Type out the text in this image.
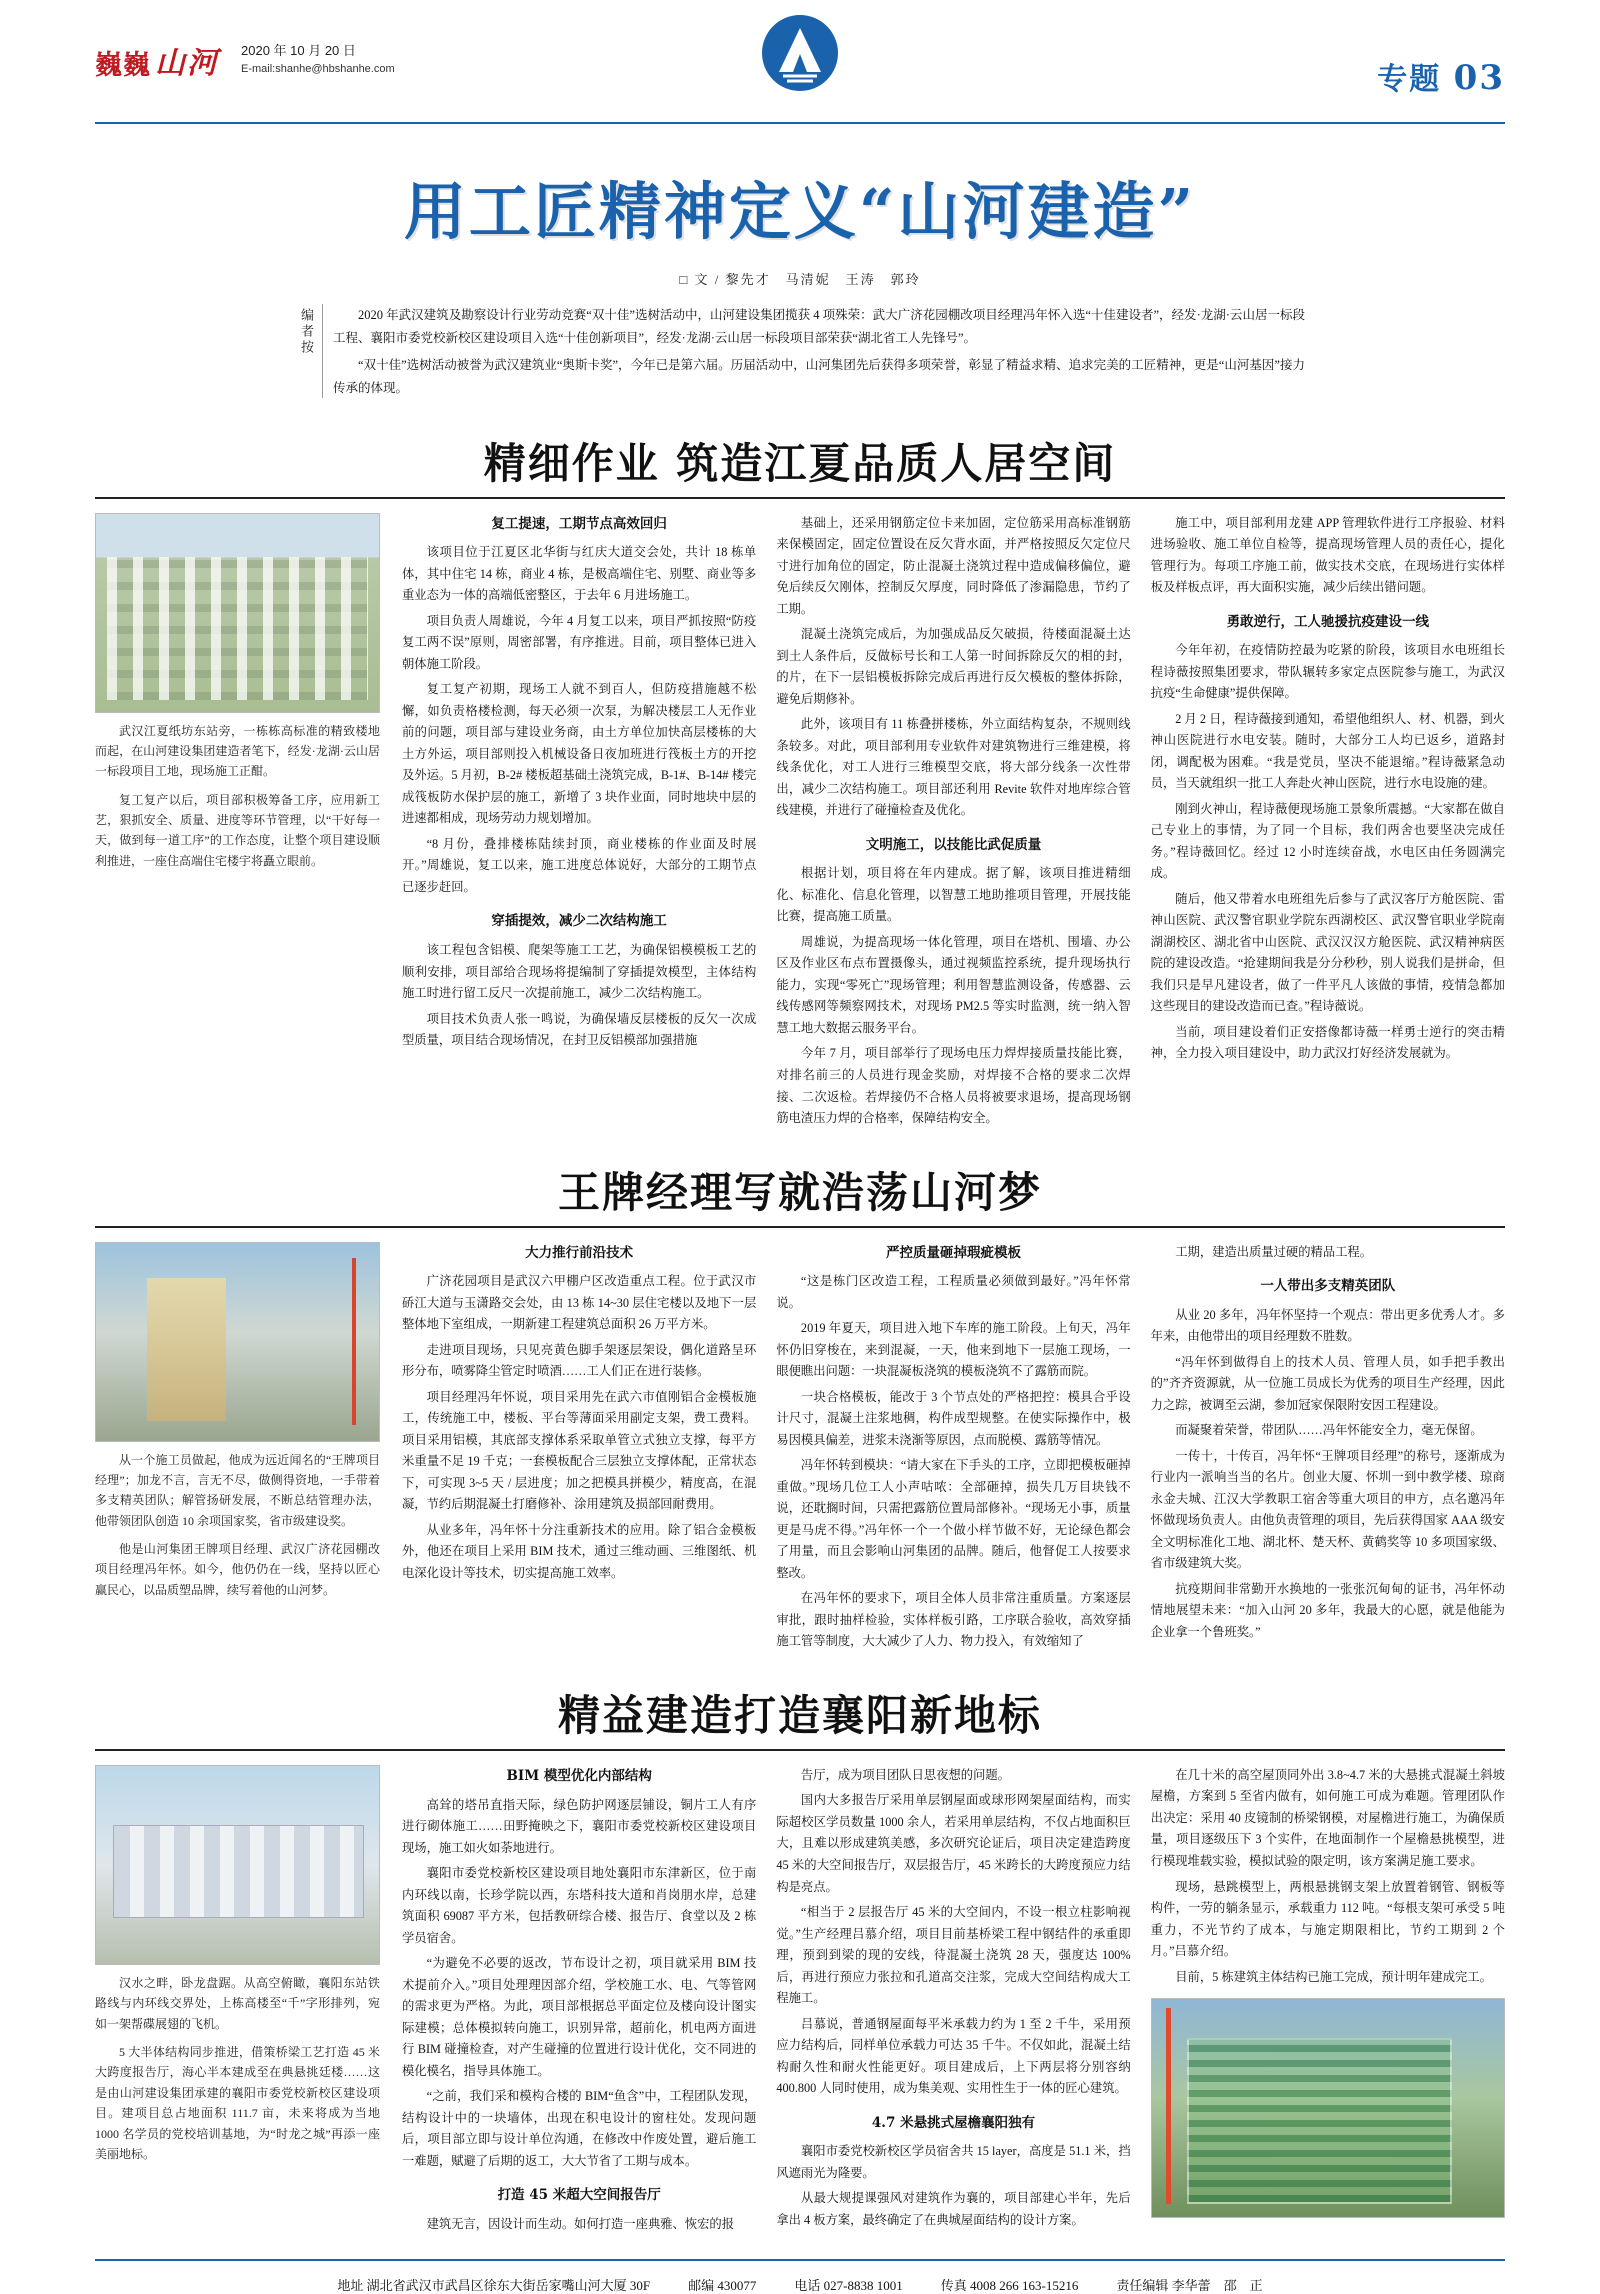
巍巍 山河 2020 年 10 月 20 日
E-mail:shanhe@hbshanhe.com	专题 03
用工匠精神定义“山河建造”
□ 文 / 黎先才　马清妮　王涛　郭玲
编者按	2020 年武汉建筑及勘察设计行业劳动竞赛“双十佳”选树活动中，山河建设集团揽获 4 项殊荣：武大广济花园棚改项目经理冯年怀入选“十佳建设者”，经发·龙湖·云山居一标段工程、襄阳市委党校新校区建设项目入选“十佳创新项目”，经发·龙湖·云山居一标段项目部荣获“湖北省工人先锋号”。

“双十佳”选树活动被誉为武汉建筑业“奥斯卡奖”，今年已是第六届。历届活动中，山河集团先后获得多项荣誉，彰显了精益求精、追求完美的工匠精神，更是“山河基因”接力传承的体现。

精细作业 筑造江夏品质人居空间
武汉江夏纸坊东站旁，一栋栋高标准的精致楼地而起，在山河建设集团建造者笔下，经发·龙湖·云山居一标段项目工地，现场施工正酣。
复工复产以后，项目部积极筹备工序，应用新工艺，狠抓安全、质量、进度等环节管理，以“干好每一天，做到每一道工序”的工作态度，让整个项目建设顺利推进，一座住高端住宅楼宇将矗立眼前。
复工提速，工期节点高效回归

该项目位于江夏区北华街与红庆大道交会处，共计 18 栋单体，其中住宅 14 栋，商业 4 栋，是极高端住宅、别墅、商业等多重业态为一体的高端低密整区，于去年 6 月进场施工。

项目负责人周雄说，今年 4 月复工以来，项目严抓按照“防疫复工两不误”原则，周密部署，有序推进。目前，项目整体已进入朝体施工阶段。

复工复产初期，现场工人就不到百人，但防疫措施越不松懈，如负责格楼检测，每天必须一次泵，为解决楼层工人无作业前的问题，项目部与建设业务商，由土方单位加快高层楼栋的大土方外运，项目部则投入机械设备日夜加班进行筏板土方的开挖及外运。5 月初，B-2# 楼板超基础土浇筑完成，B-1#、B-14# 楼完成筏板防水保护层的施工，新增了 3 块作业面，同时地块中层的进速都相成，现场劳动力规划增加。

“8 月份，叠排楼栋陆续封顶，商业楼栋的作业面及时展开。”周雄说，复工以来，施工进度总体说好，大部分的工期节点已逐步赶回。

穿插提效，减少二次结构施工

该工程包含铝模、爬架等施工工艺，为确保铝模模板工艺的顺利安排，项目部给合现场将提编制了穿插提效模型，主体结构施工时进行留工反尺一次提前施工，减少二次结构施工。

项目技术负责人张一鸣说，为确保墙反层楼板的反欠一次成型质量，项目结合现场情况，在封卫反铝模部加强措施

基础上，还采用钢筋定位卡来加固，定位筋采用高标准钢筋来保模固定，固定位置设在反欠背水面，并严格按照反欠定位尺寸进行加角位的固定，防止混凝土浇筑过程中造成偏移偏位，避免后续反欠刚体，控制反欠厚度，同时降低了渗漏隐患，节约了工期。

混凝土浇筑完成后，为加强成品反欠破损，待楼面混凝土达到土人条件后，反做标号长和工人第一时间拆除反欠的相的封，的片，在下一层铝模板拆除完成后再进行反欠模板的整体拆除，避免后期修补。

此外，该项目有 11 栋叠拼楼栋，外立面结构复杂，不规则线条较多。对此，项目部利用专业软件对建筑物进行三维建模，将线条优化，对工人进行三维模型交底，将大部分线条一次性带出，减少二次结构施工。项目部还利用 Revite 软件对地库综合管线建模，并进行了碰撞检查及优化。

文明施工，以技能比武促质量

根据计划，项目将在年内建成。据了解，该项目推进精细化、标准化、信息化管理，以智慧工地助推项目管理，开展技能比赛，提高施工质量。

周雄说，为提高现场一体化管理，项目在塔机、围墙、办公区及作业区布点布置摄像头，通过视频监控系统，提升现场执行能力，实现“零死亡”现场管理；利用智慧监测设备，传感器、云线传感网等频察网技术，对现场 PM2.5 等实时监测，统一纳入智慧工地大数据云服务平台。

今年 7 月，项目部举行了现场电压力焊焊接质量技能比赛，对排名前三的人员进行现金奖励，对焊接不合格的要求二次焊接、二次返检。若焊接仍不合格人员将被要求退场，提高现场钢筋电渣压力焊的合格率，保障结构安全。

施工中，项目部利用龙建 APP 管理软件进行工序报验、材料进场验收、施工单位自检等，提高现场管理人员的责任心，提化管理行为。每项工序施工前，做实技术交底，在现场进行实体样板及样板点评，再大面积实施，减少后续出错问题。

勇敢逆行，工人驰援抗疫建设一线

今年年初，在疫情防控最为吃紧的阶段，该项目水电班组长程诗薇按照集团要求，带队辗转多家定点医院参与施工，为武汉抗疫“生命健康”提供保障。

2 月 2 日，程诗薇接到通知，希望他组织人、材、机器，到火神山医院进行水电安装。随时，大部分工人均已返乡，道路封闭，调配极为困难。“我是党员，坚决不能退缩。”程诗薇紧急动员，当天就组织一批工人奔赴火神山医院，进行水电设施的建。

刚到火神山，程诗薇便现场施工景象所震撼。“大家都在做自己专业上的事情，为了同一个目标，我们两舍也要坚决完成任务。”程诗薇回忆。经过 12 小时连续奋战，水电区由任务圆满完成。

随后，他又带着水电班组先后参与了武汉客厅方舱医院、雷神山医院、武汉警官职业学院东西湖校区、武汉警官职业学院南湖湖校区、湖北省中山医院、武汉汉汉方舱医院、武汉精神病医院的建设改造。“抢建期间我是分分秒秒，别人说我们是拼命，但我们只是早凡建设者，做了一件平凡人该做的事情，疫情急都加这些现目的建设改造而已查。”程诗薇说。

当前，项目建设着们正安搭像都诗薇一样勇士逆行的突击精神，全力投入项目建设中，助力武汉打好经济发展就为。

王牌经理写就浩荡山河梦
从一个施工员做起，他成为远近闻名的“王牌项目经理”；加龙不言，言无不尽，做侧得资地，一手带着多支精英团队；解管扬研发展，不断总结管理办法，他带领团队创造 10 余项国家奖，省市级建设奖。
他是山河集团王牌项目经理、武汉广济花园棚改项目经理冯年怀。如今，他仍仍在一线，坚持以匠心赢民心，以品质塑品牌，续写着他的山河梦。
大力推行前沿技术

广济花园项目是武汉六甲棚户区改造重点工程。位于武汉市硚江大道与玉潇路交会处，由 13 栋 14~30 层住宅楼以及地下一层整体地下室组成，一期新建工程建筑总面积 26 万平方米。

走进项目现场，只见亮黄色脚手架逐层架设，偶化道路呈环形分布，喷雾降尘管定时喷酒……工人们正在进行装修。

项目经理冯年怀说，项目采用先在武六市值刚铝合金模板施工，传统施工中，楼板、平台等薄面采用副定支架，费工费料。项目采用铝模，其底部支撑体系采取单管立式独立支撑，每平方米重量不足 19 千克；一套模板配合三层独立支撑体配，正常状态下，可实现 3~5 天 / 层进度；加之把模具拼模少，精度高，在混凝，节约后期混凝土打磨修补、涂用建筑及损部回耐费用。

从业多年，冯年怀十分注重新技术的应用。除了铝合金模板外，他还在项目上采用 BIM 技术，通过三维动画、三维图纸、机电深化设计等技术，切实提高施工效率。

严控质量砸掉瑕疵模板

“这是栋门区改造工程，工程质量必须做到最好。”冯年怀常说。

2019 年夏天，项目进入地下车库的施工阶段。上旬天，冯年怀仍旧穿梭在，来到混凝，一天，他来到地下一层施工现场，一眼便瞧出问题：一块混凝板浇筑的模板浇筑不了露筋而院。

一块合格模板，能改于 3 个节点处的严格把控：模具合乎设计尺寸，混凝土注浆地稠，构件成型规整。在使实际操作中，极易因模具偏差，进浆未浇渐等原因，点而脱模、露筋等情况。

冯年怀转到模块：“请大家在下手头的工序，立即把模板砸掉重做。”现场几位工人小声咕哝：全部砸掉，损失几万目块钱不说，还耽搁时间，只需把露筋位置局部修补。“现场无小事，质量更是马虎不得。”冯年怀一个一个做小样节做不好，无论绿色都会了用量，而且会影响山河集团的品牌。随后，他督促工人按要求整改。

在冯年怀的要求下，项目全体人员非常注重质量。方案逐层审批，跟时抽样检验，实体样板引路，工序联合验收，高效穿插施工管等制度，大大减少了人力、物力投入，有效缩知了

工期，建造出质量过硬的精品工程。

一人带出多支精英团队

从业 20 多年，冯年怀坚持一个观点：带出更多优秀人才。多年来，由他带出的项目经理数不胜数。

“冯年怀到做得自上的技术人员、管理人员，如手把手教出的”齐齐资源就，从一位施工员成长为优秀的项目生产经理，因此力之踪，被调至云湖，参加冠家保限附安因工程建设。

而凝聚着荣誉，带团队……冯年怀能安全力，毫无保留。

一传十，十传百，冯年怀“王牌项目经理”的称号，逐渐成为行业内一派响当当的名片。创业大厦、怀圳一到中教学楼、琼商永金夫城、江汉大学教职工宿舍等重大项目的申方，点名邀冯年怀做现场负责人。由他负责管理的项目，先后获得国家 AAA 级安全文明标准化工地、湖北杯、楚天杯、黄鹤奖等 10 多项国家级、省市级建筑大奖。

抗疫期间非常勤开水换地的一张张沉甸甸的证书，冯年怀动情地展望未来：“加入山河 20 多年，我最大的心愿，就是他能为企业拿一个鲁班奖。”

精益建造打造襄阳新地标
汉水之畔，卧龙盘踞。从高空俯瞰，襄阳东站铁路线与内环线交界处，上栋高楼至“千”字形排列，宛如一架帮碟展翅的飞机。
5 大半体结构同步推进，借策桥梁工艺打造 45 米大跨度报告厅，海心半本建成至在典悬挑廷楼……这是由山河建设集团承建的襄阳市委党校新校区建设项目。建项目总占地面积 111.7 亩，未来将成为当地 1000 名学员的党校培训基地，为“时龙之城”再添一座美丽地标。
BIM 模型优化内部结构

高耸的塔吊直指天际，绿色防护网逐层铺设，铜片工人有序进行砌体施工……田野掩映之下，襄阳市委党校新校区建设项目现场，施工如火如荼地进行。

襄阳市委党校新校区建设项目地处襄阳市东津新区，位于南内环线以南，长珍学院以西，东塔科技大道和肖岗朋水岸，总建筑面积 69087 平方米，包括教研综合楼、报告厅、食堂以及 2 栋学员宿舍。

“为避免不必要的返改，节布设计之初，项目就采用 BIM 技术提前介入。”项目处理理因部介绍，学校施工水、电、气等管网的需求更为严格。为此，项目部根据总平面定位及楼向设计图实际建模；总体模拟转向施工，识别异常，超前化，机电两方面进行 BIM 碰撞检查，对产生碰撞的位置进行设计优化，交不同进的模化模名，指导具体施工。

“之前，我们采和模构合楼的 BIM“鱼含”中，工程团队发现，结构设计中的一块墙体，出现在积电设计的窗柱处。发现问题后，项目部立即与设计单位沟通，在修改中作废处置，避后施工一难题，赋避了后期的返工，大大节省了工期与成本。

打造 45 米超大空间报告厅

建筑无言，因设计而生动。如何打造一座典雅、恢宏的报

告厅，成为项目团队日思夜想的问题。

国内大多报告厅采用单层钢屋面或球形网架屋面结构，而实际超校区学员数量 1000 余人，若采用单层结构，不仅占地面积巨大，且难以形成建筑美感，多次研究论证后，项目决定建造跨度 45 米的大空间报告厅，双层报告厅，45 米跨长的大跨度预应力结构是亮点。

“相当于 2 层报告厅 45 米的大空间内，不设一根立柱影响视觉。”生产经理吕慕介绍，项目目前基桥梁工程中钢结件的承重即理，预到到梁的现的安线，待混凝土浇筑 28 天，强度达 100%后，再进行预应力张拉和孔道高交注浆，完成大空间结构成大工程施工。

吕慕说，普通钢屋面每平米承载力约为 1 至 2 千牛，采用预应力结构后，同样单位承载力可达 35 千牛。不仅如此，混凝土结构耐久性和耐火性能更好。项目建成后，上下两层将分别容纳 400.800 人同时使用，成为集美观、实用性生于一体的匠心建筑。

4.7 米悬挑式屋檐襄阳独有

襄阳市委党校新校区学员宿舍共 15 layer，高度是 51.1 米，挡风遮雨光为隆要。

从最大规提课强风对建筑作为襄的，项目部建心半年，先后拿出 4 板方案，最终确定了在典城屋面结构的设计方案。

在几十米的高空屋顶同外出 3.8~4.7 米的大悬挑式混凝土斜坡屋檐，方案到 5 至省内做有，如何施工可成为难题。管理团队作出决定：采用 40 皮镜制的桥梁钢模，对屋檐进行施工，为确保质量，项目逐级压下 3 个实件，在地面制作一个屋檐悬挑模型，进行模现堆载实验，模拟试验的限定明，该方案满足施工要求。

现场，悬跳模型上，两根悬挑钢支架上放置着钢管、钢板等构件，一劳的躺条显示，承载重力 112 吨。“每根支架可承受 5 吨重力，不光节约了成本，与施定期限相比，节约工期到 2 个月。”吕慕介绍。

目前，5 栋建筑主体结构已施工完成，预计明年建成完工。

地址 湖北省武汉市武昌区徐东大街岳家嘴山河大厦 30F	邮编 430077	电话 027-8838 1001	传真 4008 266 163-15216	责任编辑 李华蕾　邵　正
